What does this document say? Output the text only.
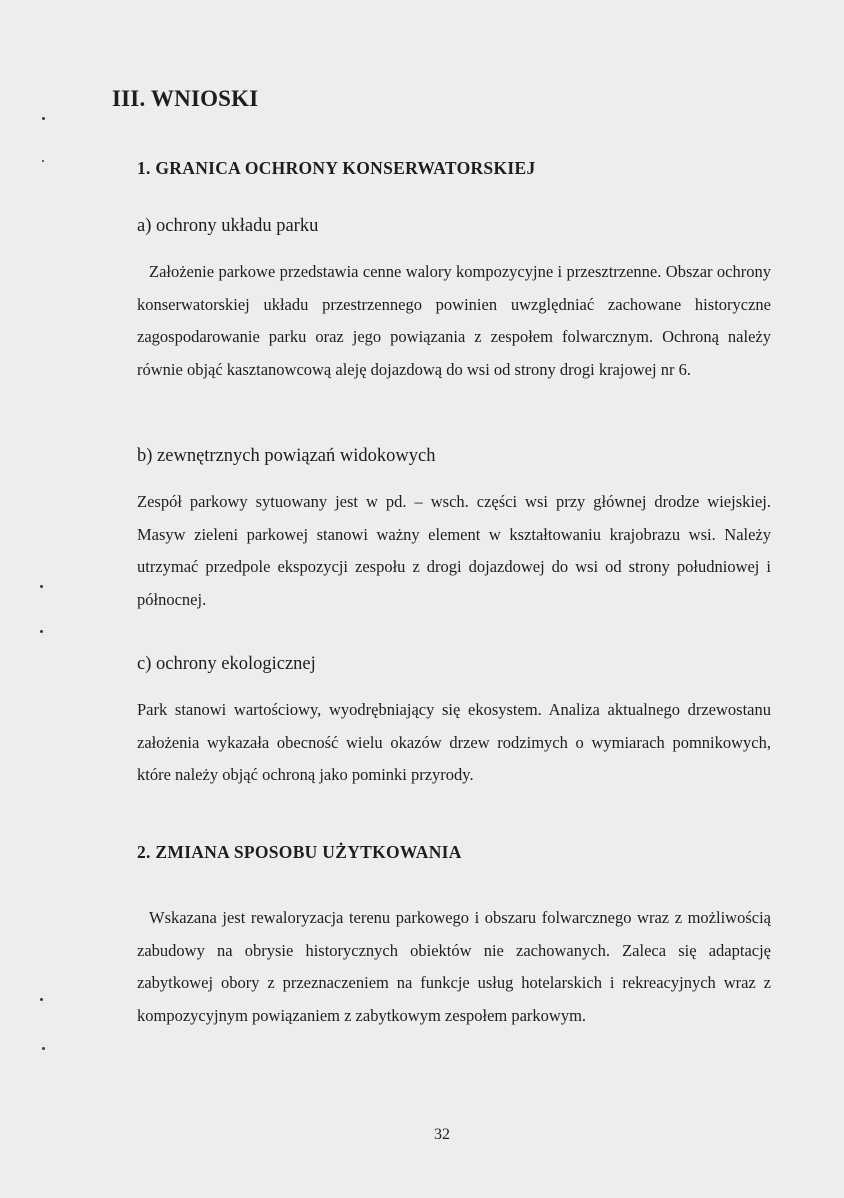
III. WNIOSKI
1. GRANICA OCHRONY KONSERWATORSKIEJ
a) ochrony układu parku

Założenie parkowe przedstawia cenne walory kompozycyjne i przesztrzenne. Obszar ochrony konserwatorskiej układu przestrzennego powinien uwzględniać zachowane historyczne zagospodarowanie parku oraz jego powiązania z zespołem folwarcznym. Ochroną należy równie objąć kasztanowcową aleję dojazdową do wsi od strony drogi krajowej nr 6.

b) zewnętrznych powiązań widokowych

Zespół parkowy sytuowany jest w pd. – wsch. części wsi przy głównej drodze wiejskiej. Masyw zieleni parkowej stanowi ważny element w kształtowaniu krajobrazu wsi. Należy utrzymać przedpole ekspozycji zespołu z drogi dojazdowej do wsi od strony południowej i północnej.

c) ochrony ekologicznej

Park stanowi wartościowy, wyodrębniający się ekosystem. Analiza aktualnego drzewostanu założenia wykazała obecność wielu okazów drzew rodzimych o wymiarach pomnikowych, które należy objąć ochroną jako pominki przyrody.

2. ZMIANA SPOSOBU UŻYTKOWANIA

Wskazana jest rewaloryzacja terenu parkowego i obszaru folwarcznego wraz z możliwością zabudowy na obrysie historycznych obiektów nie zachowanych. Zaleca się adaptację zabytkowej obory z przeznaczeniem na funkcje usług hotelarskich i rekreacyjnych wraz z kompozycyjnym powiązaniem z zabytkowym zespołem parkowym.

32
